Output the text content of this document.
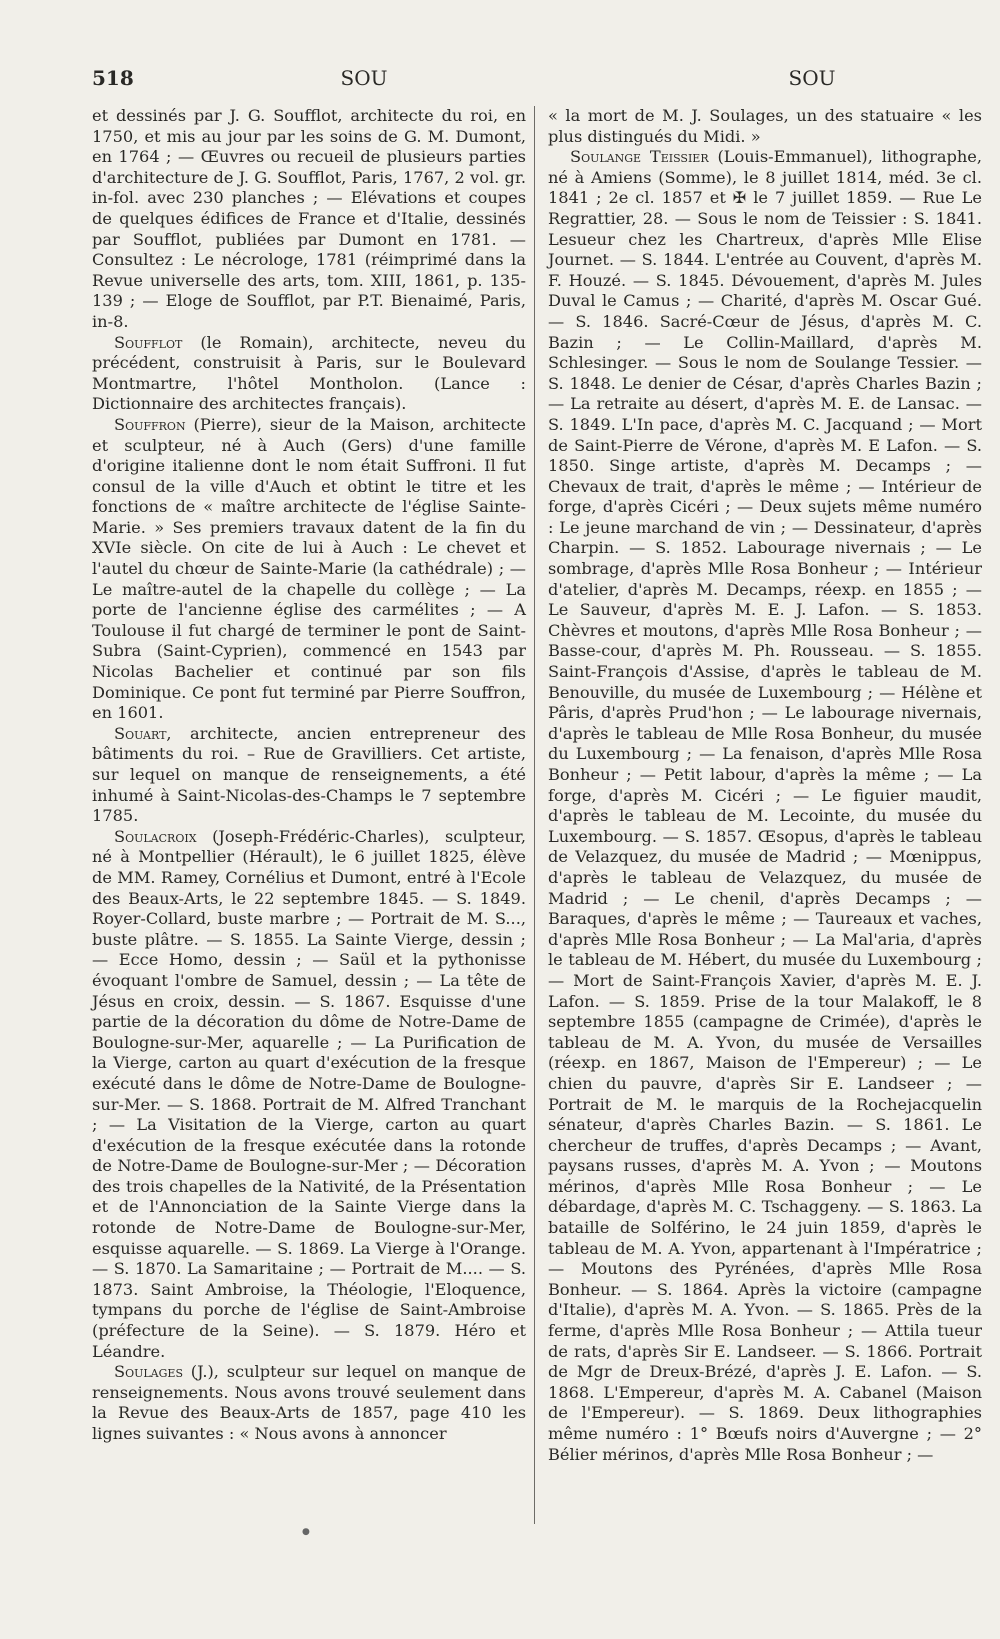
518	SOU	SOU

et dessinés par J. G. Soufflot, architecte du roi, en 1750, et mis au jour par les soins de G. M. Dumont, en 1764 ; — Œuvres ou recueil de plusieurs parties d'architecture de J. G. Soufflot, Paris, 1767, 2 vol. gr. in-fol. avec 230 planches ; — Elévations et coupes de quelques édifices de France et d'Italie, dessinés par Soufflot, publiées par Dumont en 1781. — Consultez : Le nécrologe, 1781 (réimprimé dans la Revue universelle des arts, tom. XIII, 1861, p. 135-139 ; — Eloge de Soufflot, par P.T. Bienaimé, Paris, in-8.

Soufflot (le Romain), architecte, neveu du précédent, construisit à Paris, sur le Boulevard Montmartre, l'hôtel Montholon. (Lance : Dictionnaire des architectes français).

Souffron (Pierre), sieur de la Maison, architecte et sculpteur, né à Auch (Gers) d'une famille d'origine italienne dont le nom était Suffroni. Il fut consul de la ville d'Auch et obtint le titre et les fonctions de « maître architecte de l'église Sainte-Marie. » Ses premiers travaux datent de la fin du XVIe siècle. On cite de lui à Auch : Le chevet et l'autel du chœur de Sainte-Marie (la cathédrale) ; — Le maître-autel de la chapelle du collège ; — La porte de l'ancienne église des carmélites ; — A Toulouse il fut chargé de terminer le pont de Saint-Subra (Saint-Cyprien), commencé en 1543 par Nicolas Bachelier et continué par son fils Dominique. Ce pont fut terminé par Pierre Souffron, en 1601.

Souart, architecte, ancien entrepreneur des bâtiments du roi. – Rue de Gravilliers. Cet artiste, sur lequel on manque de renseignements, a été inhumé à Saint-Nicolas-des-Champs le 7 septembre 1785.

Soulacroix (Joseph-Frédéric-Charles), sculpteur, né à Montpellier (Hérault), le 6 juillet 1825, élève de MM. Ramey, Cornélius et Dumont, entré à l'Ecole des Beaux-Arts, le 22 septembre 1845. — S. 1849. Royer-Collard, buste marbre ; — Portrait de M. S..., buste plâtre. — S. 1855. La Sainte Vierge, dessin ; — Ecce Homo, dessin ; — Saül et la pythonisse évoquant l'ombre de Samuel, dessin ; — La tête de Jésus en croix, dessin. — S. 1867. Esquisse d'une partie de la décoration du dôme de Notre-Dame de Boulogne-sur-Mer, aquarelle ; — La Purification de la Vierge, carton au quart d'exécution de la fresque exécuté dans le dôme de Notre-Dame de Boulogne-sur-Mer. — S. 1868. Portrait de M. Alfred Tranchant ; — La Visitation de la Vierge, carton au quart d'exécution de la fresque exécutée dans la rotonde de Notre-Dame de Boulogne-sur-Mer ; — Décoration des trois chapelles de la Nativité, de la Présentation et de l'Annonciation de la Sainte Vierge dans la rotonde de Notre-Dame de Boulogne-sur-Mer, esquisse aquarelle. — S. 1869. La Vierge à l'Orange. — S. 1870. La Samaritaine ; — Portrait de M.... — S. 1873. Saint Ambroise, la Théologie, l'Eloquence, tympans du porche de l'église de Saint-Ambroise (préfecture de la Seine). — S. 1879. Héro et Léandre.

Soulages (J.), sculpteur sur lequel on manque de renseignements. Nous avons trouvé seulement dans la Revue des Beaux-Arts de 1857, page 410 les lignes suivantes : « Nous avons à annoncer

« la mort de M. J. Soulages, un des statuaire « les plus distingués du Midi. »

Soulange Teissier (Louis-Emmanuel), lithographe, né à Amiens (Somme), le 8 juillet 1814, méd. 3e cl. 1841 ; 2e cl. 1857 et ✠ le 7 juillet 1859. — Rue Le Regrattier, 28. — Sous le nom de Teissier : S. 1841. Lesueur chez les Chartreux, d'après Mlle Elise Journet. — S. 1844. L'entrée au Couvent, d'après M. F. Houzé. — S. 1845. Dévouement, d'après M. Jules Duval le Camus ; — Charité, d'après M. Oscar Gué. — S. 1846. Sacré-Cœur de Jésus, d'après M. C. Bazin ; — Le Collin-Maillard, d'après M. Schlesinger. — Sous le nom de Soulange Tessier. — S. 1848. Le denier de César, d'après Charles Bazin ; — La retraite au désert, d'après M. E. de Lansac. — S. 1849. L'In pace, d'après M. C. Jacquand ; — Mort de Saint-Pierre de Vérone, d'après M. E Lafon. — S. 1850. Singe artiste, d'après M. Decamps ; — Chevaux de trait, d'après le même ; — Intérieur de forge, d'après Cicéri ; — Deux sujets même numéro : Le jeune marchand de vin ; — Dessinateur, d'après Charpin. — S. 1852. Labourage nivernais ; — Le sombrage, d'après Mlle Rosa Bonheur ; — Intérieur d'atelier, d'après M. Decamps, réexp. en 1855 ; — Le Sauveur, d'après M. E. J. Lafon. — S. 1853. Chèvres et moutons, d'après Mlle Rosa Bonheur ; — Basse-cour, d'après M. Ph. Rousseau. — S. 1855. Saint-François d'Assise, d'après le tableau de M. Benouville, du musée de Luxembourg ; — Hélène et Pâris, d'après Prud'hon ; — Le labourage nivernais, d'après le tableau de Mlle Rosa Bonheur, du musée du Luxembourg ; — La fenaison, d'après Mlle Rosa Bonheur ; — Petit labour, d'après la même ; — La forge, d'après M. Cicéri ; — Le figuier maudit, d'après le tableau de M. Lecointe, du musée du Luxembourg. — S. 1857. Œsopus, d'après le tableau de Velazquez, du musée de Madrid ; — Mœnippus, d'après le tableau de Velazquez, du musée de Madrid ; — Le chenil, d'après Decamps ; — Baraques, d'après le même ; — Taureaux et vaches, d'après Mlle Rosa Bonheur ; — La Mal'aria, d'après le tableau de M. Hébert, du musée du Luxembourg ; — Mort de Saint-François Xavier, d'après M. E. J. Lafon. — S. 1859. Prise de la tour Malakoff, le 8 septembre 1855 (campagne de Crimée), d'après le tableau de M. A. Yvon, du musée de Versailles (réexp. en 1867, Maison de l'Empereur) ; — Le chien du pauvre, d'après Sir E. Landseer ; — Portrait de M. le marquis de la Rochejacquelin sénateur, d'après Charles Bazin. — S. 1861. Le chercheur de truffes, d'après Decamps ; — Avant, paysans russes, d'après M. A. Yvon ; — Moutons mérinos, d'après Mlle Rosa Bonheur ; — Le débardage, d'après M. C. Tschaggeny. — S. 1863. La bataille de Solférino, le 24 juin 1859, d'après le tableau de M. A. Yvon, appartenant à l'Impératrice ; — Moutons des Pyrénées, d'après Mlle Rosa Bonheur. — S. 1864. Après la victoire (campagne d'Italie), d'après M. A. Yvon. — S. 1865. Près de la ferme, d'après Mlle Rosa Bonheur ; — Attila tueur de rats, d'après Sir E. Landseer. — S. 1866. Portrait de Mgr de Dreux-Brézé, d'après J. E. Lafon. — S. 1868. L'Empereur, d'après M. A. Cabanel (Maison de l'Empereur). — S. 1869. Deux lithographies même numéro : 1° Bœufs noirs d'Auvergne ; — 2° Bélier mérinos, d'après Mlle Rosa Bonheur ; —

●
